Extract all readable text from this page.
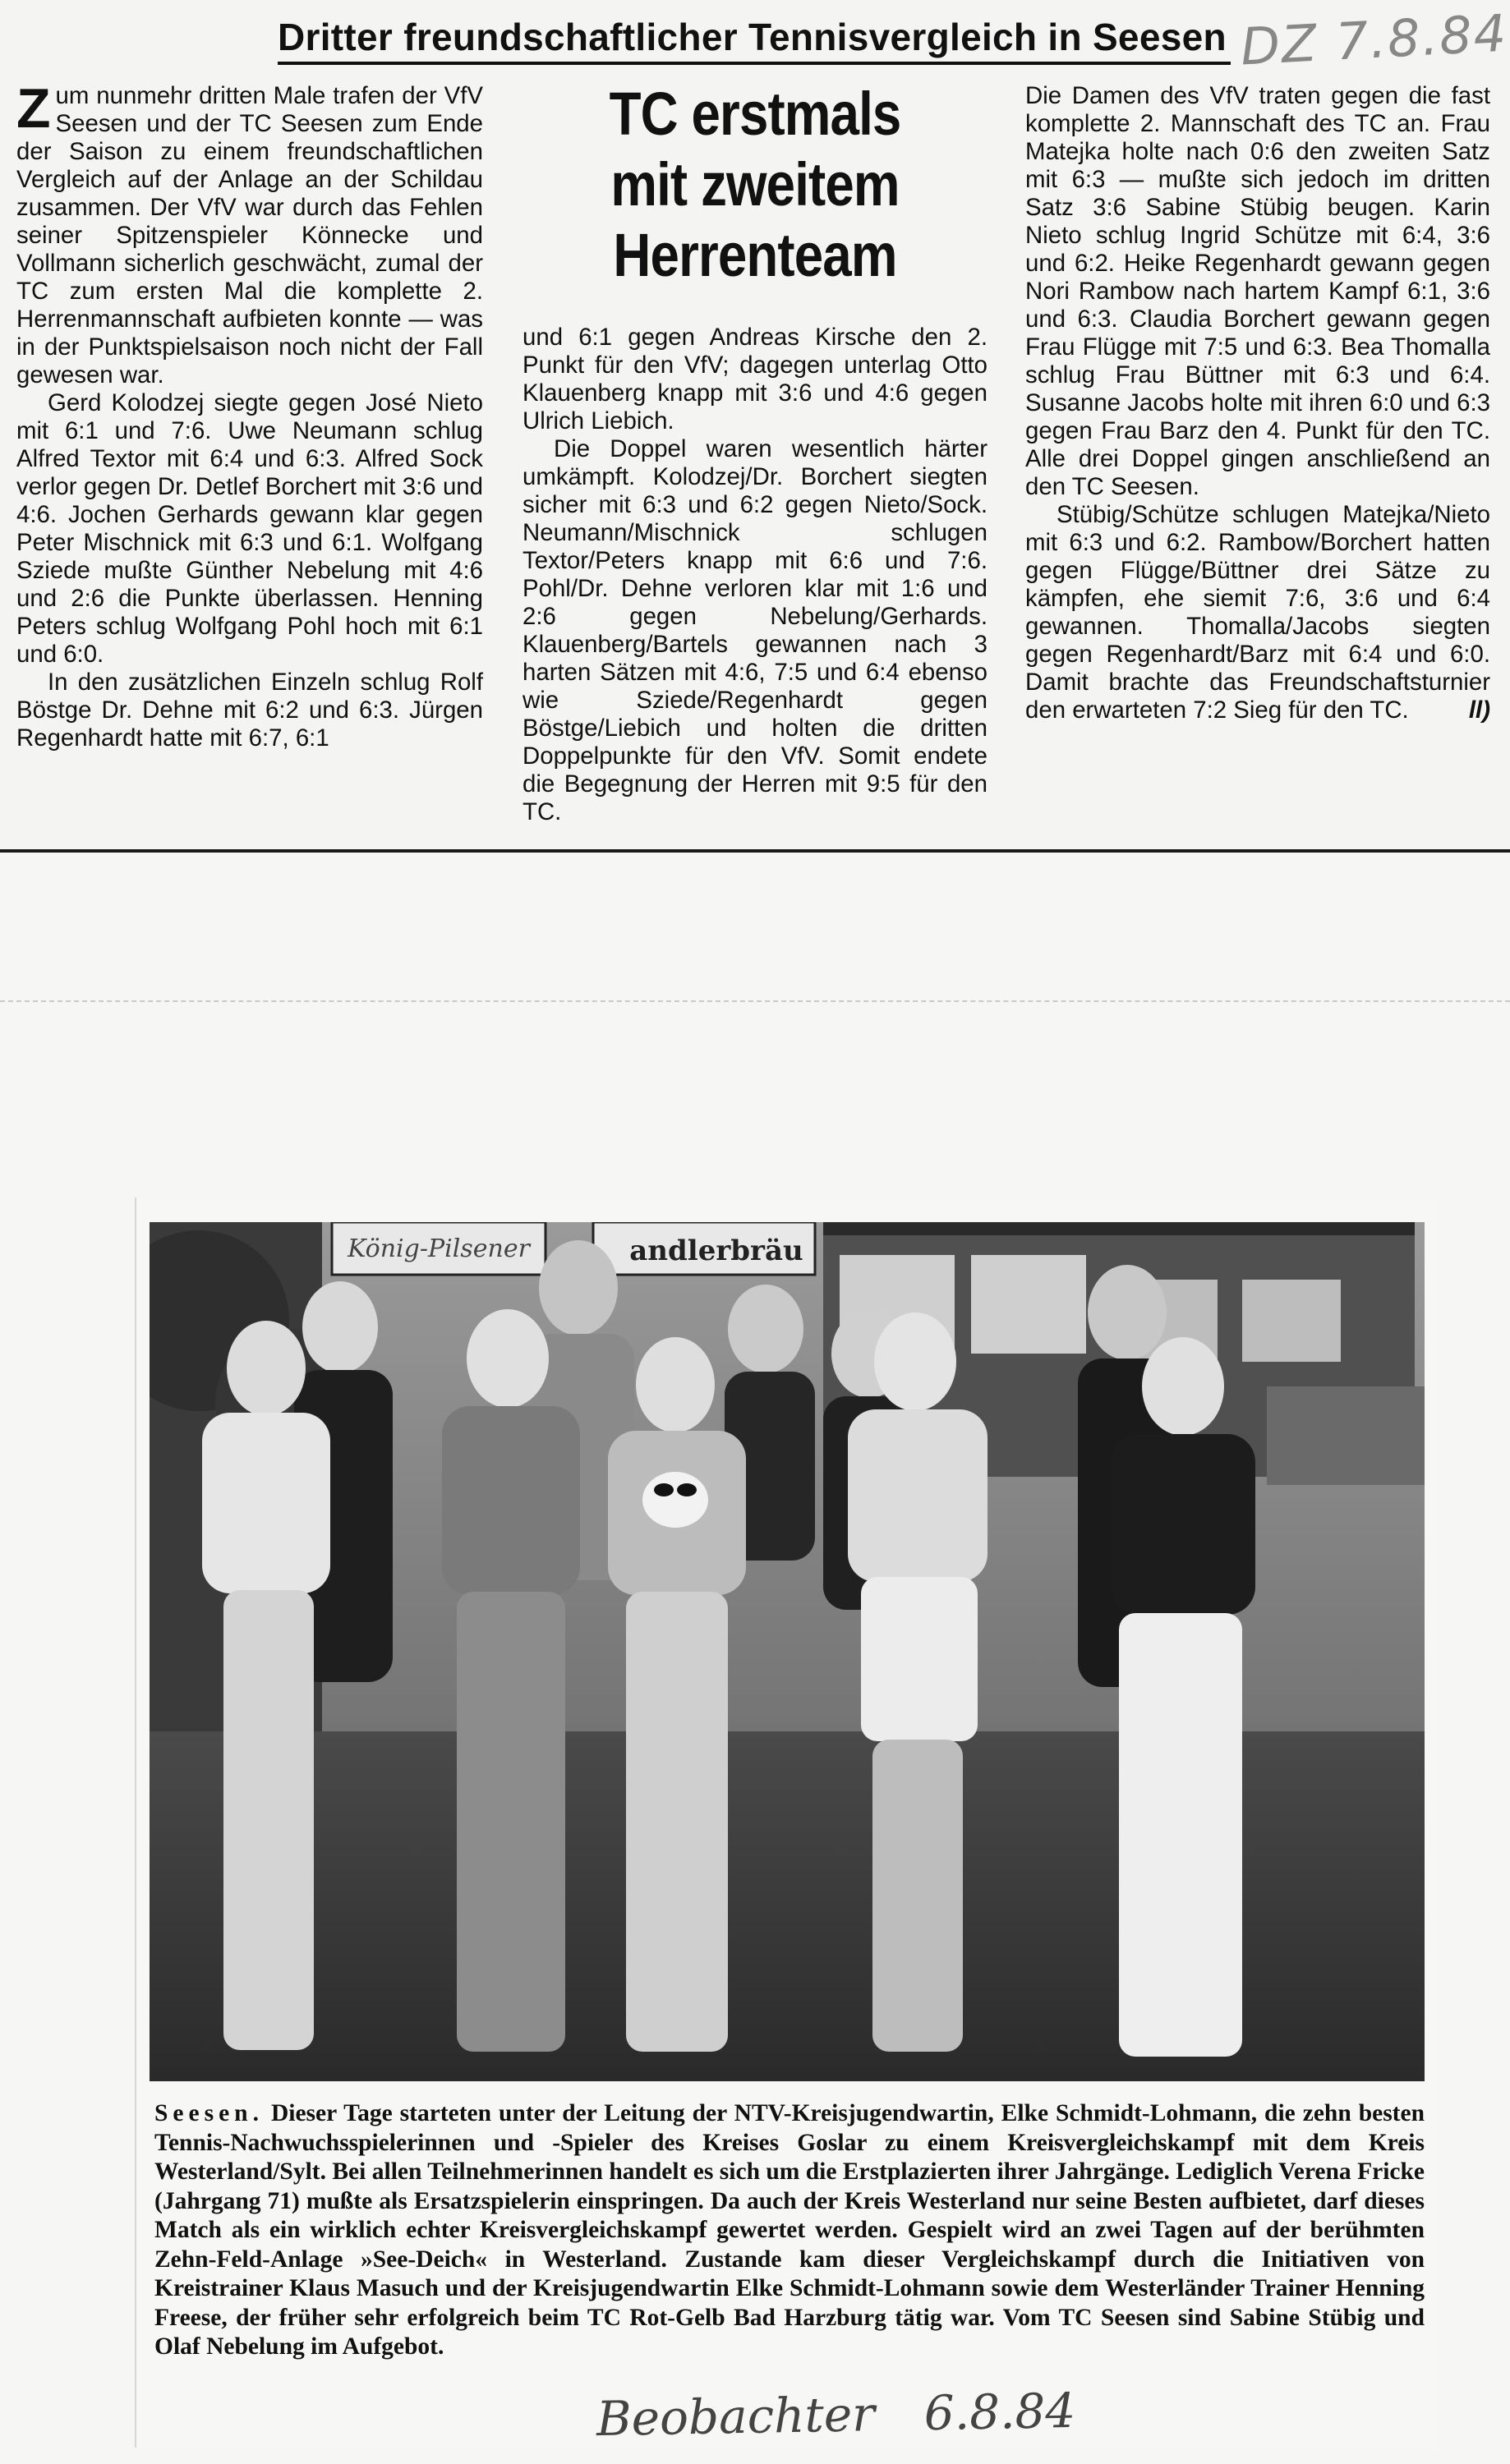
Dritter freundschaftlicher Tennisvergleich in Seesen DZ 7.8.84

Zum nunmehr dritten Male trafen der VfV Seesen und der TC Seesen zum Ende der Saison zu einem freundschaftlichen Vergleich auf der Anlage an der Schildau zusammen. Der VfV war durch das Fehlen seiner Spitzenspieler Könnecke und Vollmann sicherlich geschwächt, zumal der TC zum ersten Mal die komplette 2. Herrenmannschaft aufbieten konnte — was in der Punktspielsaison noch nicht der Fall gewesen war.

Gerd Kolodzej siegte gegen José Nieto mit 6:1 und 7:6. Uwe Neumann schlug Alfred Textor mit 6:4 und 6:3. Alfred Sock verlor gegen Dr. Detlef Borchert mit 3:6 und 4:6. Jochen Gerhards gewann klar gegen Peter Mischnick mit 6:3 und 6:1. Wolfgang Sziede mußte Günther Nebelung mit 4:6 und 2:6 die Punkte überlassen. Henning Peters schlug Wolfgang Pohl hoch mit 6:1 und 6:0.

In den zusätzlichen Einzeln schlug Rolf Böstge Dr. Dehne mit 6:2 und 6:3. Jürgen Regenhardt hatte mit 6:7, 6:1

TC erstmals
mit zweitem
Herrenteam

und 6:1 gegen Andreas Kirsche den 2. Punkt für den VfV; dagegen unterlag Otto Klauenberg knapp mit 3:6 und 4:6 gegen Ulrich Liebich.

Die Doppel waren wesentlich härter umkämpft. Kolodzej/Dr. Borchert siegten sicher mit 6:3 und 6:2 gegen Nieto/Sock. Neumann/Mischnick schlugen Textor/Peters knapp mit 6:6 und 7:6. Pohl/Dr. Dehne verloren klar mit 1:6 und 2:6 gegen Nebelung/Gerhards. Klauenberg/Bartels gewannen nach 3 harten Sätzen mit 4:6, 7:5 und 6:4 ebenso wie Sziede/Regenhardt gegen Böstge/Liebich und holten die dritten Doppelpunkte für den VfV. Somit endete die Begegnung der Herren mit 9:5 für den TC.

Die Damen des VfV traten gegen die fast komplette 2. Mannschaft des TC an. Frau Matejka holte nach 0:6 den zweiten Satz mit 6:3 — mußte sich jedoch im dritten Satz 3:6 Sabine Stübig beugen. Karin Nieto schlug Ingrid Schütze mit 6:4, 3:6 und 6:2. Heike Regenhardt gewann gegen Nori Rambow nach hartem Kampf 6:1, 3:6 und 6:3. Claudia Borchert gewann gegen Frau Flügge mit 7:5 und 6:3. Bea Thomalla schlug Frau Büttner mit 6:3 und 6:4. Susanne Jacobs holte mit ihren 6:0 und 6:3 gegen Frau Barz den 4. Punkt für den TC. Alle drei Doppel gingen anschließend an den TC Seesen.

Stübig/Schütze schlugen Matejka/Nieto mit 6:3 und 6:2. Rambow/Borchert hatten gegen Flügge/Büttner drei Sätze zu kämpfen, ehe siemit 7:6, 3:6 und 6:4 gewannen. Thomalla/Jacobs siegten gegen Regenhardt/Barz mit 6:4 und 6:0. Damit brachte das Freundschaftsturnier den erwarteten 7:2 Sieg für den TC.	ll)

König-Pilsener	andlerbräu
Seesen. Dieser Tage starteten unter der Leitung der NTV-Kreisjugendwartin, Elke Schmidt-Lohmann, die zehn besten Tennis-Nachwuchsspielerinnen und -Spieler des Kreises Goslar zu einem Kreisvergleichskampf mit dem Kreis Westerland/Sylt. Bei allen Teilnehmerinnen handelt es sich um die Erstplazierten ihrer Jahrgänge. Lediglich Verena Fricke (Jahrgang 71) mußte als Ersatzspielerin einspringen. Da auch der Kreis Westerland nur seine Besten aufbietet, darf dieses Match als ein wirklich echter Kreisvergleichskampf gewertet werden. Gespielt wird an zwei Tagen auf der berühmten Zehn-Feld-Anlage »See-Deich« in Westerland. Zustande kam dieser Vergleichskampf durch die Initiativen von Kreistrainer Klaus Masuch und der Kreisjugendwartin Elke Schmidt-Lohmann sowie dem Westerländer Trainer Henning Freese, der früher sehr erfolgreich beim TC Rot-Gelb Bad Harzburg tätig war. Vom TC Seesen sind Sabine Stübig und Olaf Nebelung im Aufgebot.
Beobachter 6.8.84
